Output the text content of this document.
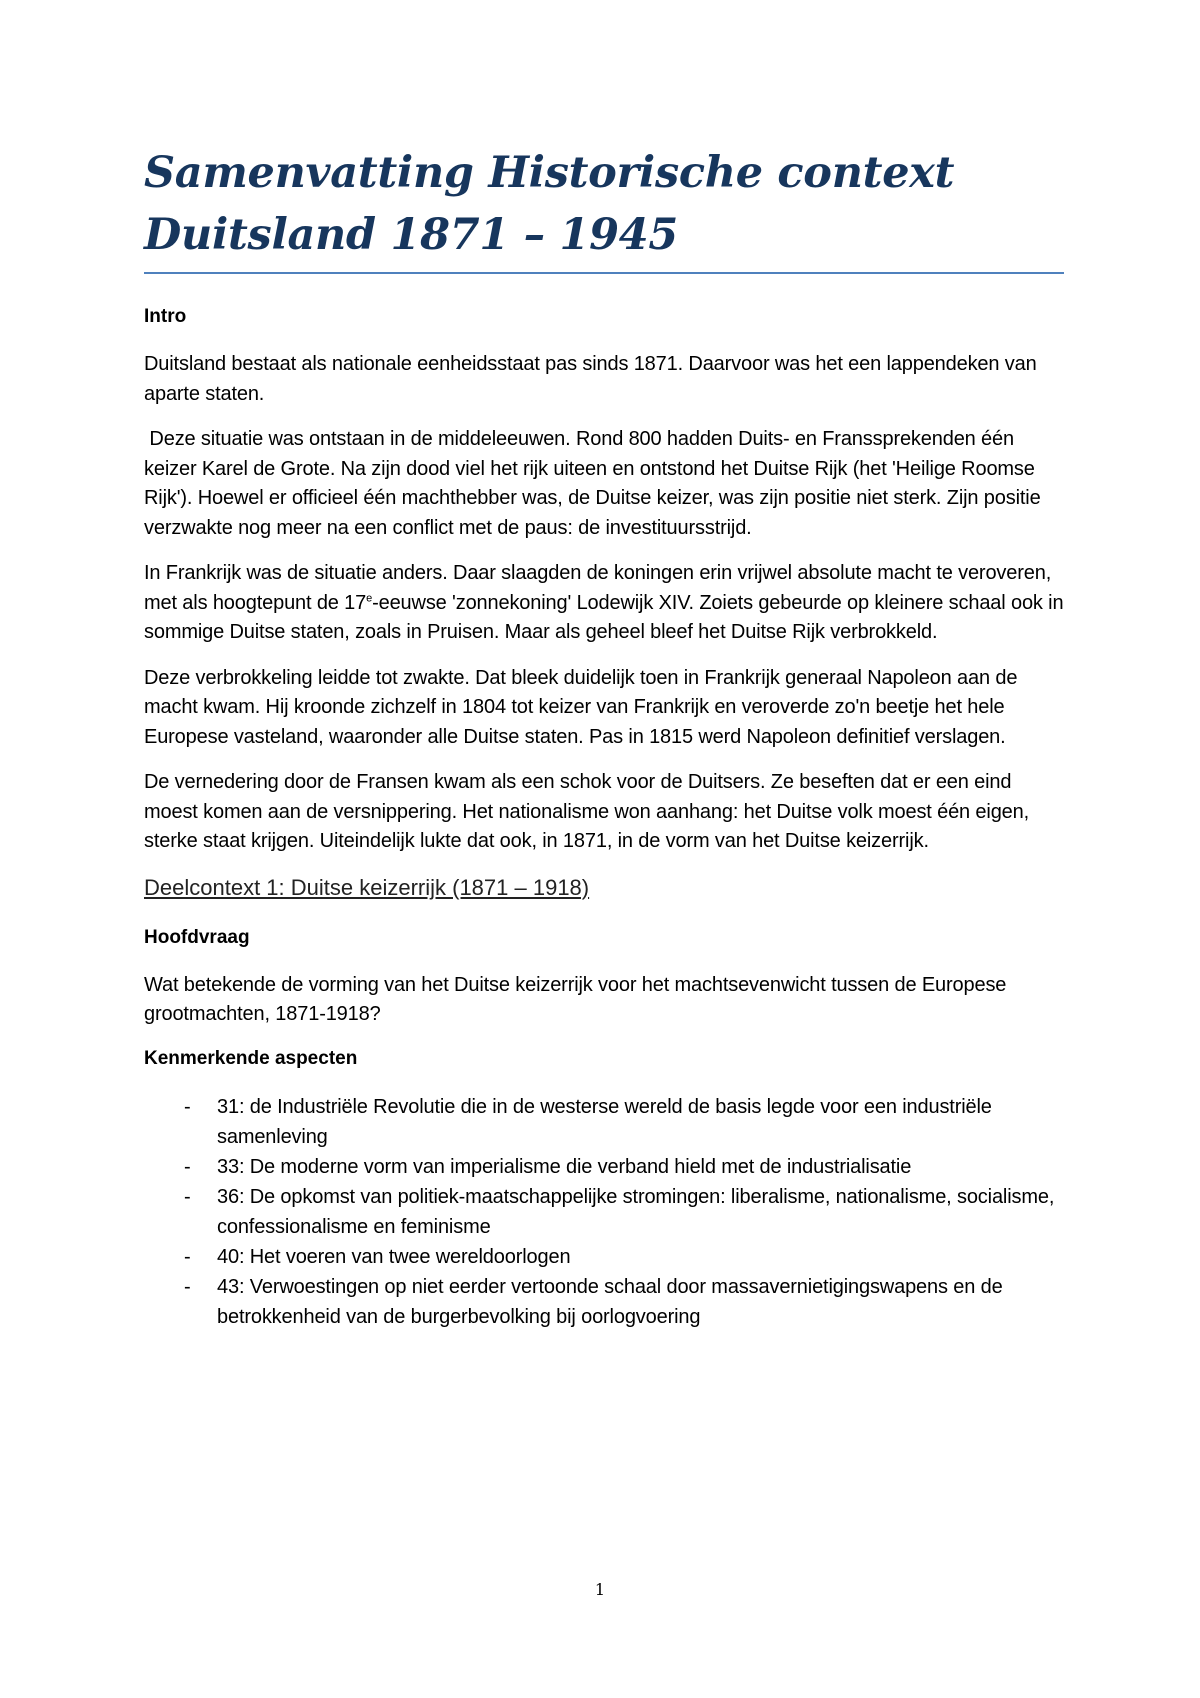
Samenvatting Historische context
Duitsland 1871 – 1945
Intro

Duitsland bestaat als nationale eenheidsstaat pas sinds 1871. Daarvoor was het een lappendeken van aparte staten.

Deze situatie was ontstaan in de middeleeuwen. Rond 800 hadden Duits- en Franssprekenden één keizer Karel de Grote. Na zijn dood viel het rijk uiteen en ontstond het Duitse Rijk (het 'Heilige Roomse Rijk'). Hoewel er officieel één machthebber was, de Duitse keizer, was zijn positie niet sterk. Zijn positie verzwakte nog meer na een conflict met de paus: de investituursstrijd.

In Frankrijk was de situatie anders. Daar slaagden de koningen erin vrijwel absolute macht te veroveren, met als hoogtepunt de 17e-eeuwse 'zonnekoning' Lodewijk XIV. Zoiets gebeurde op kleinere schaal ook in sommige Duitse staten, zoals in Pruisen. Maar als geheel bleef het Duitse Rijk verbrokkeld.

Deze verbrokkeling leidde tot zwakte. Dat bleek duidelijk toen in Frankrijk generaal Napoleon aan de macht kwam. Hij kroonde zichzelf in 1804 tot keizer van Frankrijk en veroverde zo'n beetje het hele Europese vasteland, waaronder alle Duitse staten. Pas in 1815 werd Napoleon definitief verslagen.

De vernedering door de Fransen kwam als een schok voor de Duitsers. Ze beseften dat er een eind moest komen aan de versnippering. Het nationalisme won aanhang: het Duitse volk moest één eigen, sterke staat krijgen. Uiteindelijk lukte dat ook, in 1871, in de vorm van het Duitse keizerrijk.

Deelcontext 1: Duitse keizerrijk (1871 – 1918)
Hoofdvraag

Wat betekende de vorming van het Duitse keizerrijk voor het machtsevenwicht tussen de Europese grootmachten, 1871-1918?

Kenmerkende aspecten
- 31: de Industriële Revolutie die in de westerse wereld de basis legde voor een industriële samenleving
- 33: De moderne vorm van imperialisme die verband hield met de industrialisatie
- 36: De opkomst van politiek-maatschappelijke stromingen: liberalisme, nationalisme, socialisme, confessionalisme en feminisme
- 40: Het voeren van twee wereldoorlogen
- 43: Verwoestingen op niet eerder vertoonde schaal door massavernietigingswapens en de betrokkenheid van de burgerbevolking bij oorlogvoering
1
